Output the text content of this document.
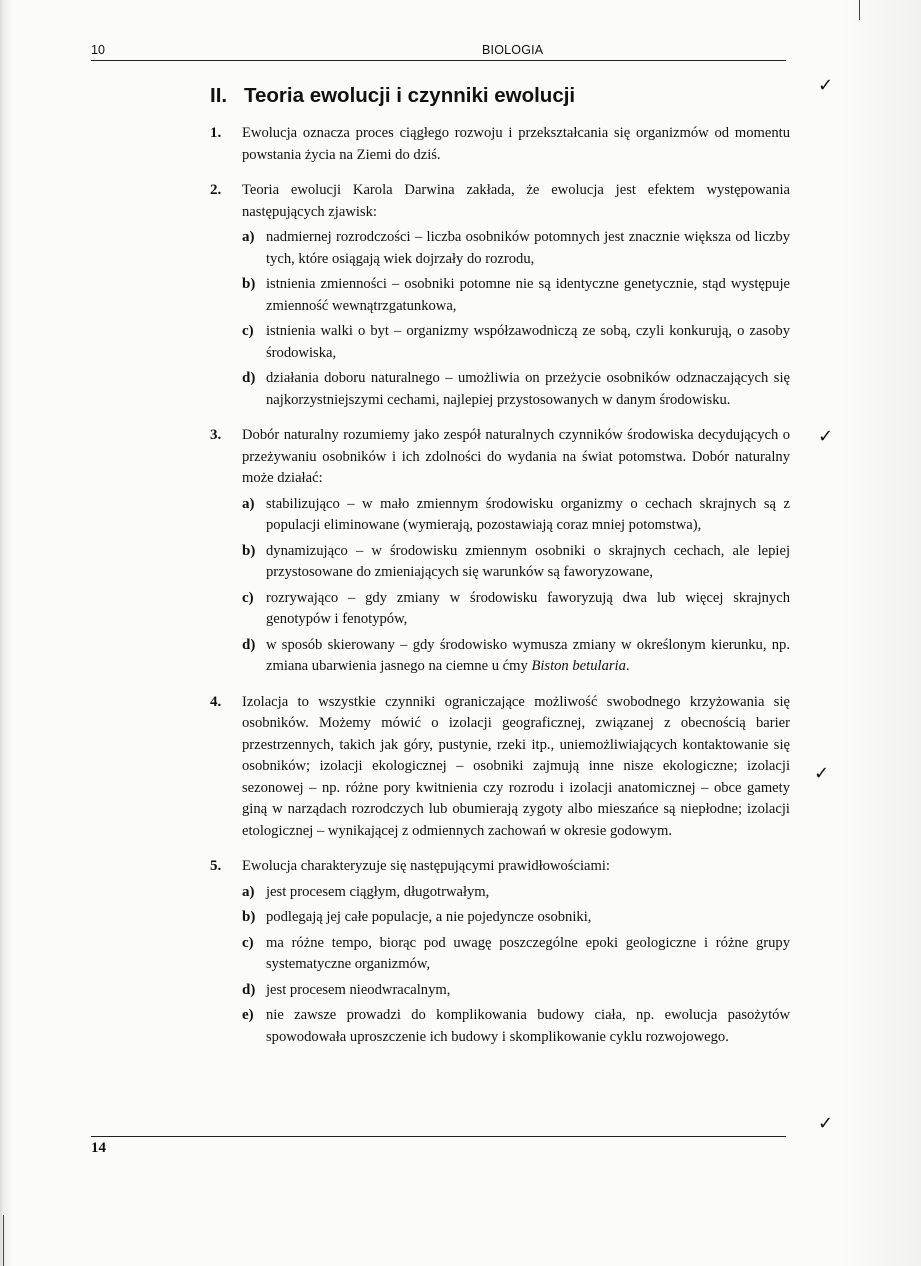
10	BIOLOGIA
II. Teoria ewolucji i czynniki ewolucji
1. Ewolucja oznacza proces ciągłego rozwoju i przekształcania się organizmów od momentu powstania życia na Ziemi do dziś.
2. Teoria ewolucji Karola Darwina zakłada, że ewolucja jest efektem występowania następujących zjawisk:
a) nadmiernej rozrodczości – liczba osobników potomnych jest znacznie większa od liczby tych, które osiągają wiek dojrzały do rozrodu,
b) istnienia zmienności – osobniki potomne nie są identyczne genetycznie, stąd występuje zmienność wewnątrzgatunkowa,
c) istnienia walki o byt – organizmy współzawodniczą ze sobą, czyli konkurują, o zasoby środowiska,
d) działania doboru naturalnego – umożliwia on przeżycie osobników odznaczających się najkorzystniejszymi cechami, najlepiej przystosowanych w danym środowisku.
3. Dobór naturalny rozumiemy jako zespół naturalnych czynników środowiska decydujących o przeżywaniu osobników i ich zdolności do wydania na świat potomstwa. Dobór naturalny może działać:
a) stabilizująco – w mało zmiennym środowisku organizmy o cechach skrajnych są z populacji eliminowane (wymierają, pozostawiają coraz mniej potomstwa),
b) dynamizująco – w środowisku zmiennym osobniki o skrajnych cechach, ale lepiej przystosowane do zmieniających się warunków są faworyzowane,
c) rozrywająco – gdy zmiany w środowisku faworyzują dwa lub więcej skrajnych genotypów i fenotypów,
d) w sposób skierowany – gdy środowisko wymusza zmiany w określonym kierunku, np. zmiana ubarwienia jasnego na ciemne u ćmy Biston betularia.
4. Izolacja to wszystkie czynniki ograniczające możliwość swobodnego krzyżowania się osobników. Możemy mówić o izolacji geograficznej, związanej z obecnością barier przestrzennych, takich jak góry, pustynie, rzeki itp., uniemożliwiających kontaktowanie się osobników; izolacji ekologicznej – osobniki zajmują inne nisze ekologiczne; izolacji sezonowej – np. różne pory kwitnienia czy rozrodu i izolacji anatomicznej – obce gamety giną w narządach rozrodczych lub obumierają zygoty albo mieszańce są niepłodne; izolacji etologicznej – wynikającej z odmiennych zachowań w okresie godowym.
5. Ewolucja charakteryzuje się następującymi prawidłowościami:
a) jest procesem ciągłym, długotrwałym,
b) podlegają jej całe populacje, a nie pojedyncze osobniki,
c) ma różne tempo, biorąc pod uwagę poszczególne epoki geologiczne i różne grupy systematyczne organizmów,
d) jest procesem nieodwracalnym,
e) nie zawsze prowadzi do komplikowania budowy ciała, np. ewolucja pasożytów spowodowała uproszczenie ich budowy i skomplikowanie cyklu rozwojowego.
14
✓
✓
✓
✓
